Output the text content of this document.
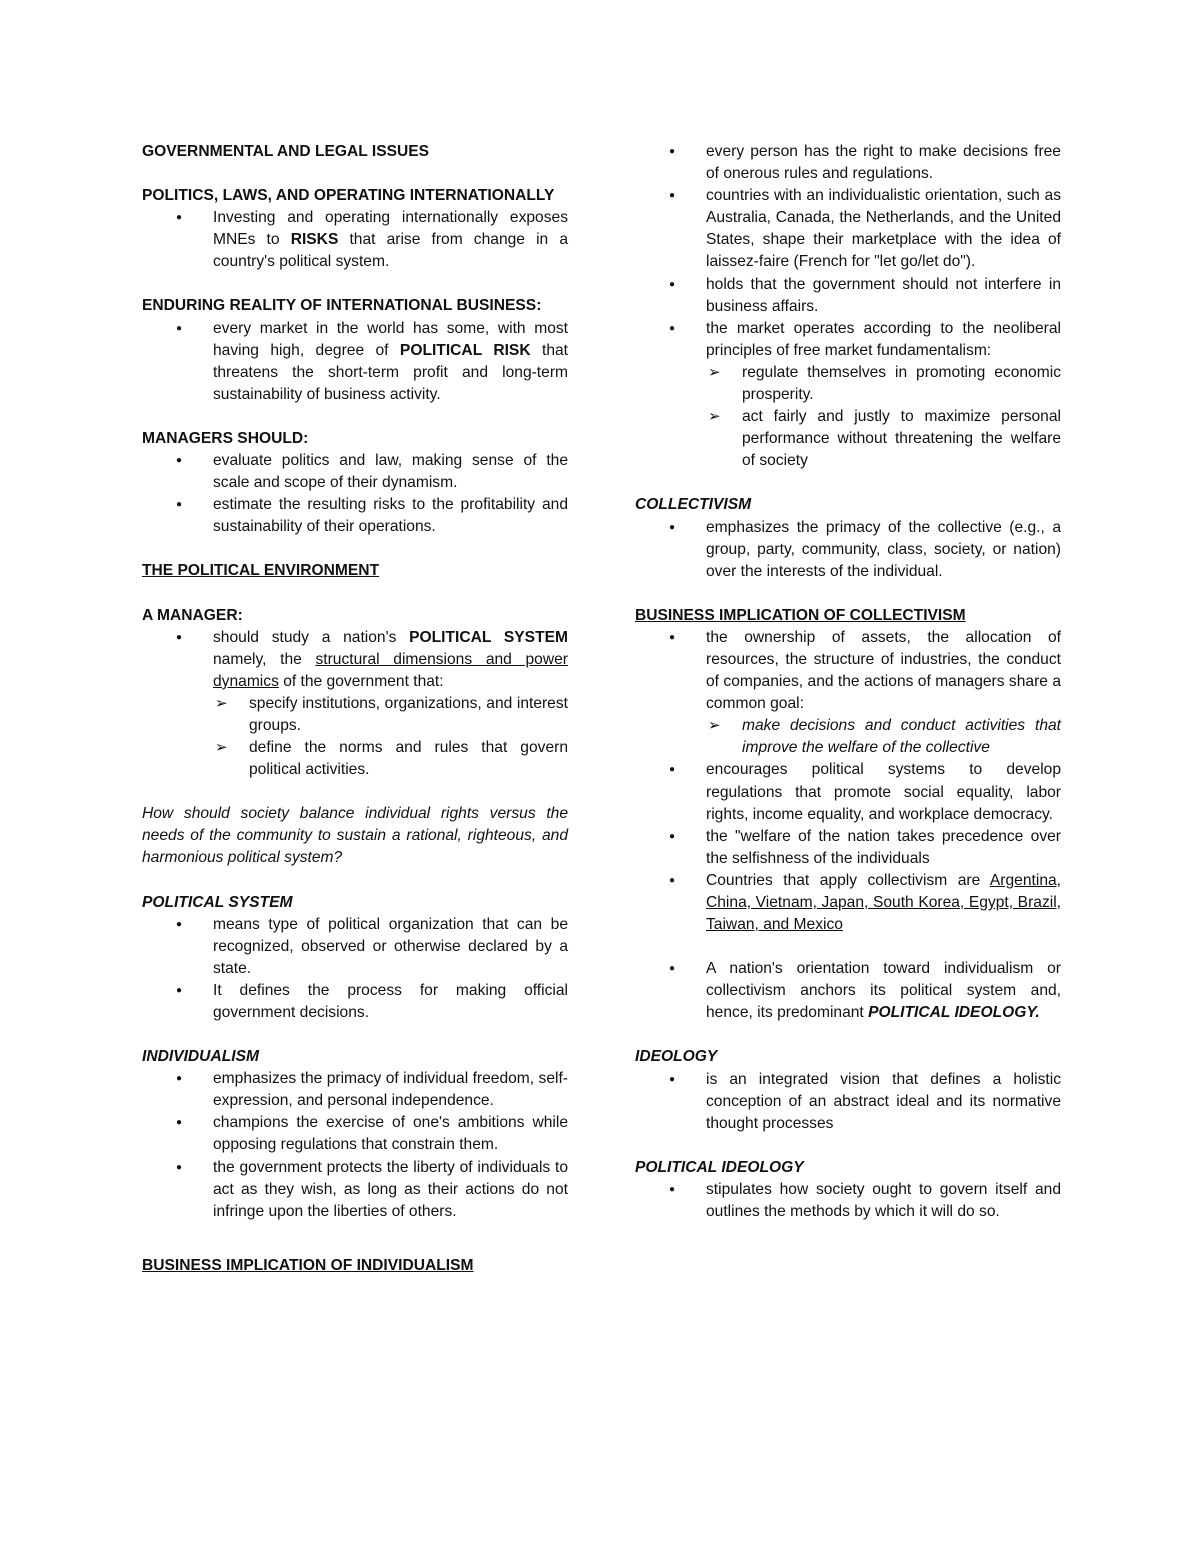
GOVERNMENTAL AND LEGAL ISSUES

POLITICS, LAWS, AND OPERATING INTERNATIONALLY

● Investing and operating internationally exposes MNEs to RISKS that arise from change in a country's political system.

ENDURING REALITY OF INTERNATIONAL BUSINESS:

● every market in the world has some, with most having high, degree of POLITICAL RISK that threatens the short-term profit and long-term sustainability of business activity.

MANAGERS SHOULD:

● evaluate politics and law, making sense of the scale and scope of their dynamism.
● estimate the resulting risks to the profitability and sustainability of their operations.

THE POLITICAL ENVIRONMENT

A MANAGER:

● should study a nation's POLITICAL SYSTEM namely, the structural dimensions and power dynamics of the government that:
➢ specify institutions, organizations, and interest groups.
➢ define the norms and rules that govern political activities.

How should society balance individual rights versus the needs of the community to sustain a rational, righteous, and harmonious political system?

POLITICAL SYSTEM

● means type of political organization that can be recognized, observed or otherwise declared by a state.
● It defines the process for making official government decisions.

INDIVIDUALISM

● emphasizes the primacy of individual freedom, self-expression, and personal independence.
● champions the exercise of one's ambitions while opposing regulations that constrain them.
● the government protects the liberty of individuals to act as they wish, as long as their actions do not infringe upon the liberties of others.

BUSINESS IMPLICATION OF INDIVIDUALISM

● every person has the right to make decisions free of onerous rules and regulations.
● countries with an individualistic orientation, such as Australia, Canada, the Netherlands, and the United States, shape their marketplace with the idea of laissez-faire (French for "let go/let do").
● holds that the government should not interfere in business affairs.
● the market operates according to the neoliberal principles of free market fundamentalism:
➢ regulate themselves in promoting economic prosperity.
➢ act fairly and justly to maximize personal performance without threatening the welfare of society

COLLECTIVISM

● emphasizes the primacy of the collective (e.g., a group, party, community, class, society, or nation) over the interests of the individual.

BUSINESS IMPLICATION OF COLLECTIVISM

● the ownership of assets, the allocation of resources, the structure of industries, the conduct of companies, and the actions of managers share a common goal:
➢ make decisions and conduct activities that improve the welfare of the collective
● encourages political systems to develop regulations that promote social equality, labor rights, income equality, and workplace democracy.
● the "welfare of the nation takes precedence over the selfishness of the individuals
● Countries that apply collectivism are Argentina, China, Vietnam, Japan, South Korea, Egypt, Brazil, Taiwan, and Mexico
● A nation's orientation toward individualism or collectivism anchors its political system and, hence, its predominant POLITICAL IDEOLOGY.

IDEOLOGY

● is an integrated vision that defines a holistic conception of an abstract ideal and its normative thought processes

POLITICAL IDEOLOGY

● stipulates how society ought to govern itself and outlines the methods by which it will do so.
